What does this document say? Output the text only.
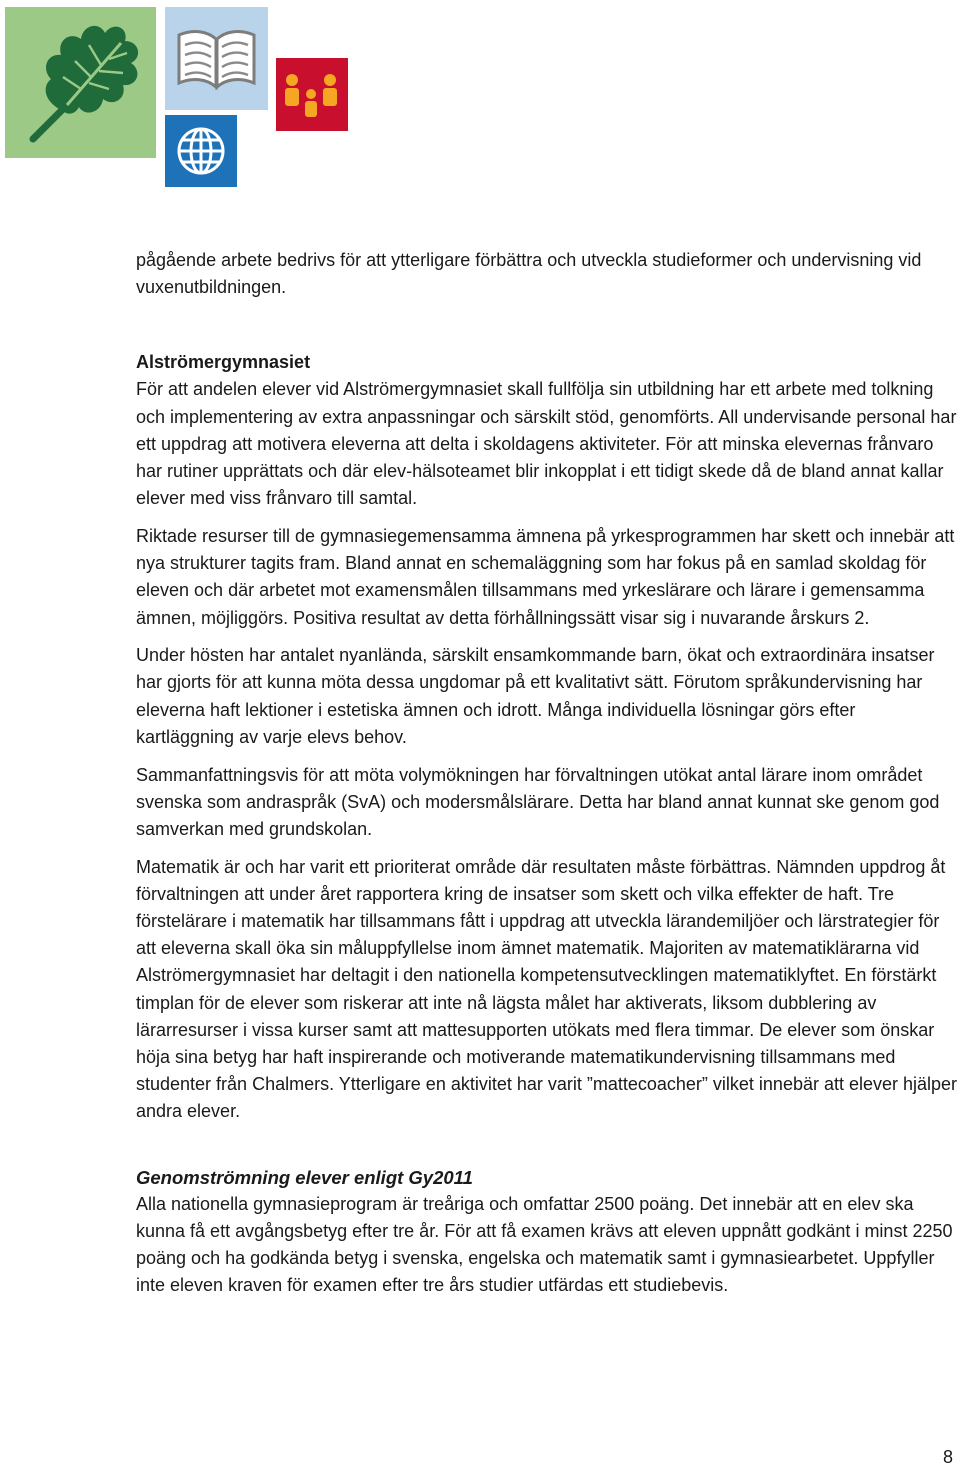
pågående arbete bedrivs för att ytterligare förbättra och utveckla studieformer och undervisning vid vuxenutbildningen.

Alströmergymnasiet

För att andelen elever vid Alströmergymnasiet skall fullfölja sin utbildning har ett arbete med tolkning och implementering av extra anpassningar och särskilt stöd, genomförts. All undervisande personal har ett uppdrag att motivera eleverna att delta i skoldagens aktiviteter. För att minska elevernas frånvaro har rutiner upprättats och där elev-hälsoteamet blir inkopplat i ett tidigt skede då de bland annat kallar elever med viss frånvaro till samtal.

Riktade resurser till de gymnasiegemensamma ämnena på yrkesprogrammen har skett och innebär att nya strukturer tagits fram. Bland annat en schemaläggning som har fokus på en samlad skoldag för eleven och där arbetet mot examensmålen tillsammans med yrkeslärare och lärare i gemensamma ämnen, möjliggörs. Positiva resultat av detta förhållningssätt visar sig i nuvarande årskurs 2.

Under hösten har antalet nyanlända, särskilt ensamkommande barn, ökat och extraordinära insatser har gjorts för att kunna möta dessa ungdomar på ett kvalitativt sätt. Förutom språkundervisning har eleverna haft lektioner i estetiska ämnen och idrott. Många individuella lösningar görs efter kartläggning av varje elevs behov.

Sammanfattningsvis för att möta volymökningen har förvaltningen utökat antal lärare inom området svenska som andraspråk (SvA) och modersmålslärare. Detta har bland annat kunnat ske genom god samverkan med grundskolan.

Matematik är och har varit ett prioriterat område där resultaten måste förbättras. Nämnden uppdrog åt förvaltningen att under året rapportera kring de insatser som skett och vilka effekter de haft. Tre förstelärare i matematik har tillsammans fått i uppdrag att utveckla lärandemiljöer och lärstrategier för att eleverna skall öka sin måluppfyllelse inom ämnet matematik. Majoriten av matematiklärarna vid Alströmergymnasiet har deltagit i den nationella kompetensutvecklingen matematiklyftet. En förstärkt timplan för de elever som riskerar att inte nå lägsta målet har aktiverats, liksom dubblering av lärarresurser i vissa kurser samt att mattesupporten utökats med flera timmar. De elever som önskar höja sina betyg har haft inspirerande och motiverande matematikundervisning tillsammans med studenter från Chalmers. Ytterligare en aktivitet har varit ”mattecoacher” vilket innebär att elever hjälper andra elever.

Genomströmning elever enligt Gy2011

Alla nationella gymnasieprogram är treåriga och omfattar 2500 poäng. Det innebär att en elev ska kunna få ett avgångsbetyg efter tre år. För att få examen krävs att eleven uppnått godkänt i minst 2250 poäng och ha godkända betyg i svenska, engelska och matematik samt i gymnasiearbetet. Uppfyller inte eleven kraven för examen efter tre års studier utfärdas ett studiebevis.

8
